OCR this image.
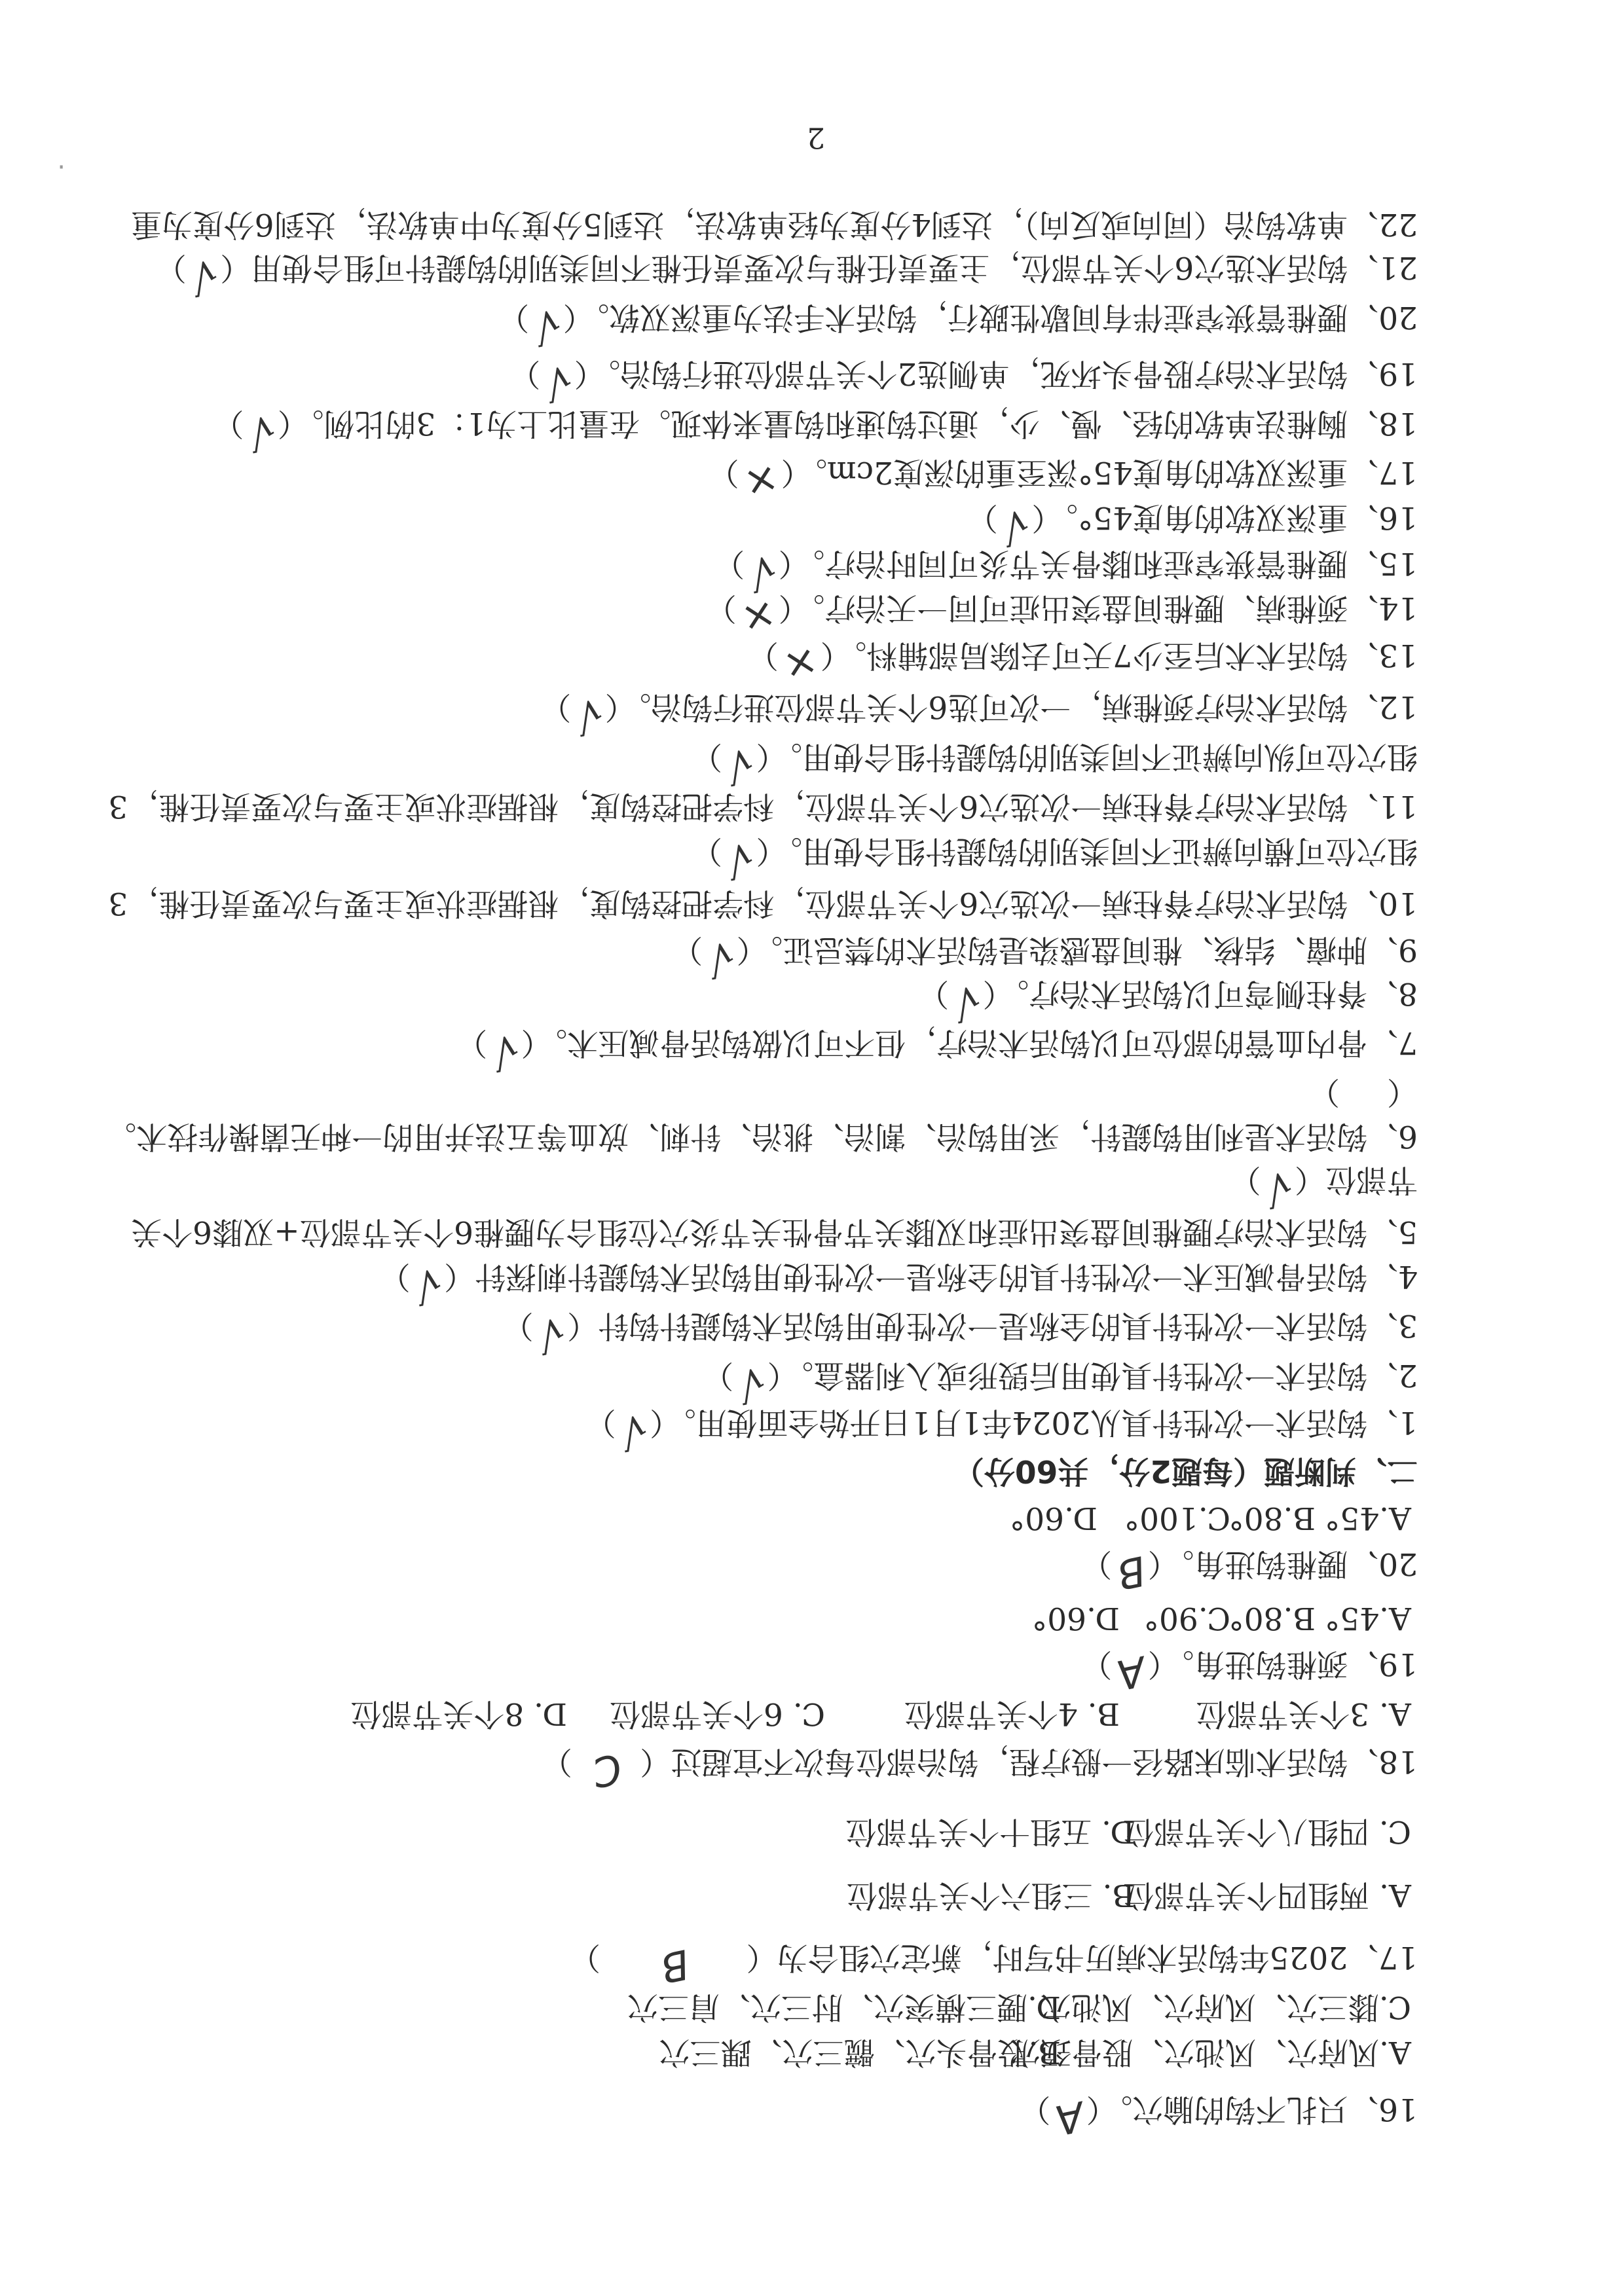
16、只扎不钩的腧穴。（A）
A.风府穴、风池穴、股骨颈穴
B.股骨头穴、髋三穴、踝三穴
C.膝三穴、风府穴、风池穴
D.腰三横突穴、肘三穴、肩三穴
17、2025年钩活术病历书写时，新定穴组合为（B）
A. 两组四个关节部位
B. 三组六个关节部位
C. 四组八个关节部位
D. 五组十个关节部位
18、钩活术临床路径一般疗程，钩治部位每次不宜超过（C）
A. 3个关节部位
B. 4个关节部位
C. 6个关节部位
D. 8个关节部位
19、颈椎钩进角。（A）
A.45°
B.80°
C.90°
D.60°
20、腰椎钩进角。（B）
A.45°
B.80°
C.100°
D.60°
二、判断题（每题2分，共60分）
1、钩活术一次性针具从2024年1月1日开始全面使用。（√）
2、钩活术一次性针具使用后毁形或入利器盒。（√）
3、钩活术一次性针具的全称是一次性使用钩活术钩鍉针钩针（√）
4、钩活骨减压术一次性针具的全称是一次性使用钩活术钩鍉针刺探针（√）
5、钩活术治疗腰椎间盘突出症和双膝关节骨性关节炎穴位组合为腰椎6个关节部位+双膝6个关
节部位（√）
6、钩活术是利用钩鍉针，采用钩治、割治、挑治、针刺、放血等五法并用的一种无菌操作技术。
（）
7、骨内血管的部位可以钩活术治疗，但不可以做钩活骨减压术。（√）
8、脊柱侧弯可以钩活术治疗。（√）
9、肿瘤、结核、椎间盘感染是钩活术的禁忌证。（√）
10、钩活术治疗脊柱病一次选穴6个关节部位，科学把控钩度，根据症状或主要与次要责任椎，3
组穴位可横向辨证不同类别的钩鍉针组合使用。（√）
11、钩活术治疗脊柱病一次选穴6个关节部位，科学把控钩度，根据症状或主要与次要责任椎，3
组穴位可纵向辨证不同类别的钩鍉针组合使用。（√）
12、钩活术治疗颈椎病，一次可选6个关节部位进行钩治。（√）
13、钩活术术后至少7天可去除局部辅料。（×）
14、颈椎病、腰椎间盘突出症可同一天治疗。（×）
15、腰椎管狭窄症和膝骨关节炎可同时治疗。（√）
16、重深双软的角度45°。（√）
17、重深双软的角度45°深至重的深度2cm。（×）
18、胸椎法单软的轻、慢、少，通过钩速和钩量来体现。在量比上为1：3的比例。（√）
19、钩活术治疗股骨头坏死，单侧选2个关节部位进行钩治。（√）
20、腰椎管狭窄症伴有间歇性跛行，钩活术手法为重深双软。（√）
21、钩活术选穴6个关节部位，主要责任椎与次要责任椎不同类别的钩鍉针可组合使用（√）
22、单软钩治（同向或反向），达到4分度为轻单软法，达到5分度为中单软法，达到6分度为重
2
·
